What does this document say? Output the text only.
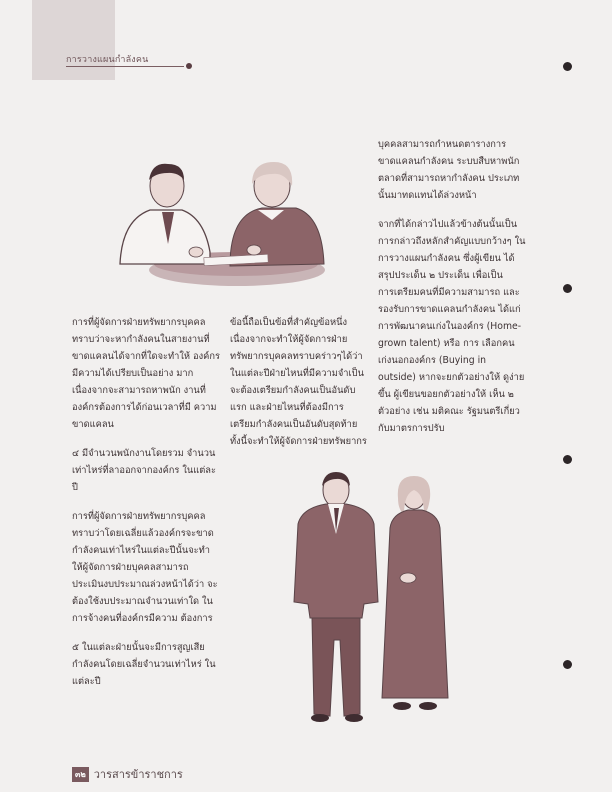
การวางแผนกำลังคน

การที่ผู้จัดการฝ่ายทรัพยากรบุคคล ทราบว่าจะหากำลังคนในสายงานที่ ขาดแคลนได้จากที่ใดจะทำให้ องค์กรมีความได้เปรียบเป็นอย่าง มากเนื่องจากจะสามารถหาพนัก งานที่องค์กรต้องการได้ก่อนเวลาที่มี ความขาดแคลน

๔ มีจำนวนพนักงานโดยรวม จำนวนเท่าไหร่ที่ลาออกจากองค์กร ในแต่ละปี

การที่ผู้จัดการฝ่ายทรัพยากรบุคคล ทราบว่าโดยเฉลี่ยแล้วองค์กรจะขาด กำลังคนเท่าไหร่ในแต่ละปีนั้นจะทำ ให้ผู้จัดการฝ่ายบุคคลสามารถ ประเมินงบประมาณล่วงหน้าได้ว่า จะต้องใช้งบประมาณจำนวนเท่าใด ในการจ้างคนที่องค์กรมีความ ต้องการ

๕ ในแต่ละฝ่ายนั้นจะมีการสูญเสีย กำลังคนโดยเฉลี่ยจำนวนเท่าไหร่ ในแต่ละปี

ข้อนี้ถือเป็นข้อที่สำคัญข้อหนึ่ง เนื่องจากจะทำให้ผู้จัดการฝ่าย ทรัพยากรบุคคลทราบคร่าวๆได้ว่า ในแต่ละปีฝ่ายไหนที่มีความจำเป็น จะต้องเตรียมกำลังคนเป็นอันดับ แรก และฝ่ายไหนที่ต้องมีการ เตรียมกำลังคนเป็นอันดับสุดท้าย ทั้งนี้จะทำให้ผู้จัดการฝ่ายทรัพยากร

บุคคลสามารถกำหนดตารางการ ขาดแคลนกำลังคน ระบบสืบหาพนัก ตลาดที่สามารถหากำลังคน ประเภทนั้นมาทดแทนได้ล่วงหน้า

จากที่ได้กล่าวไปแล้วข้างต้นนั้นเป็น การกล่าวถึงหลักสำคัญแบบกว้างๆ ในการวางแผนกำลังคน ซึ่งผู้เขียน ได้สรุปประเด็น ๒ ประเด็น เพื่อเป็น การเตรียมคนที่มีความสามารถ และรองรับการขาดแคลนกำลังคน ได้แก่ การพัฒนาคนเก่งในองค์กร (Home-grown talent) หรือ การ เลือกคนเก่งนอกองค์กร (Buying in outside) หากจะยกตัวอย่างให้ ดูง่ายขึ้น ผู้เขียนขอยกตัวอย่างให้ เห็น ๒ ตัวอย่าง เช่น มติคณะ รัฐมนตรีเกี่ยวกับมาตรการปรับ

๓๒ วารสารข้าราชการ
